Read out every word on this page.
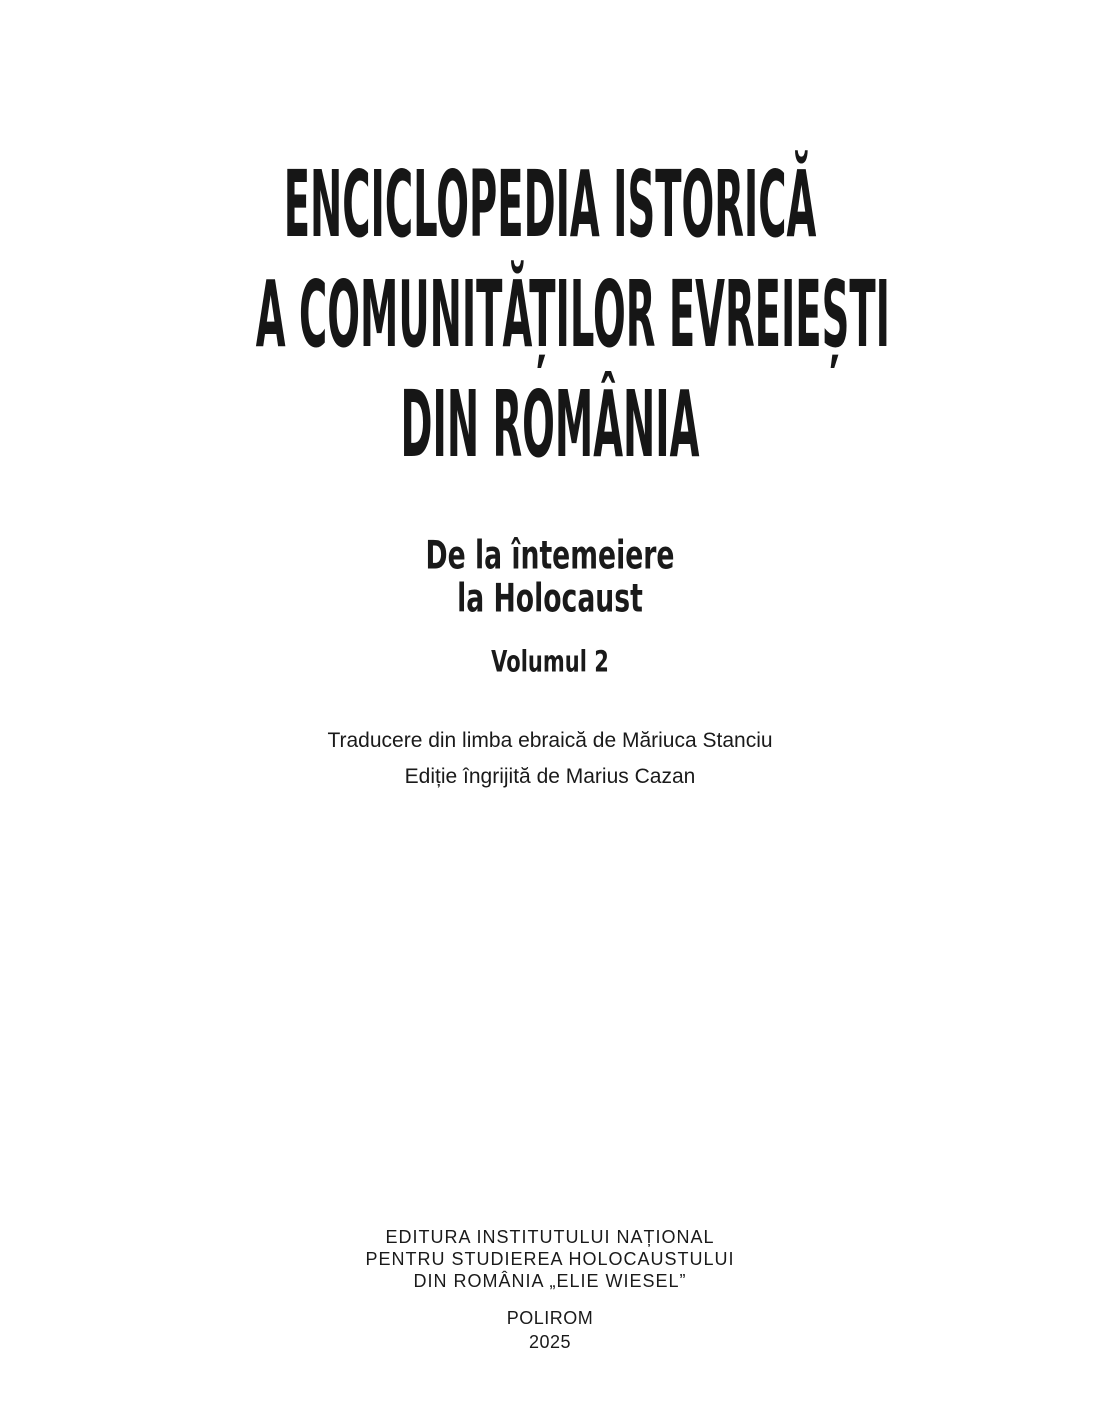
ENCICLOPEDIA ISTORICĂ
A COMUNITĂȚILOR EVREIEȘTI
DIN ROMÂNIA
De la întemeiere
la Holocaust
Volumul 2
Traducere din limba ebraică de Măriuca Stanciu
Ediție îngrijită de Marius Cazan
EDITURA INSTITUTULUI NAȚIONAL
PENTRU STUDIEREA HOLOCAUSTULUI
DIN ROMÂNIA „ELIE WIESEL”
POLIROM
2025
